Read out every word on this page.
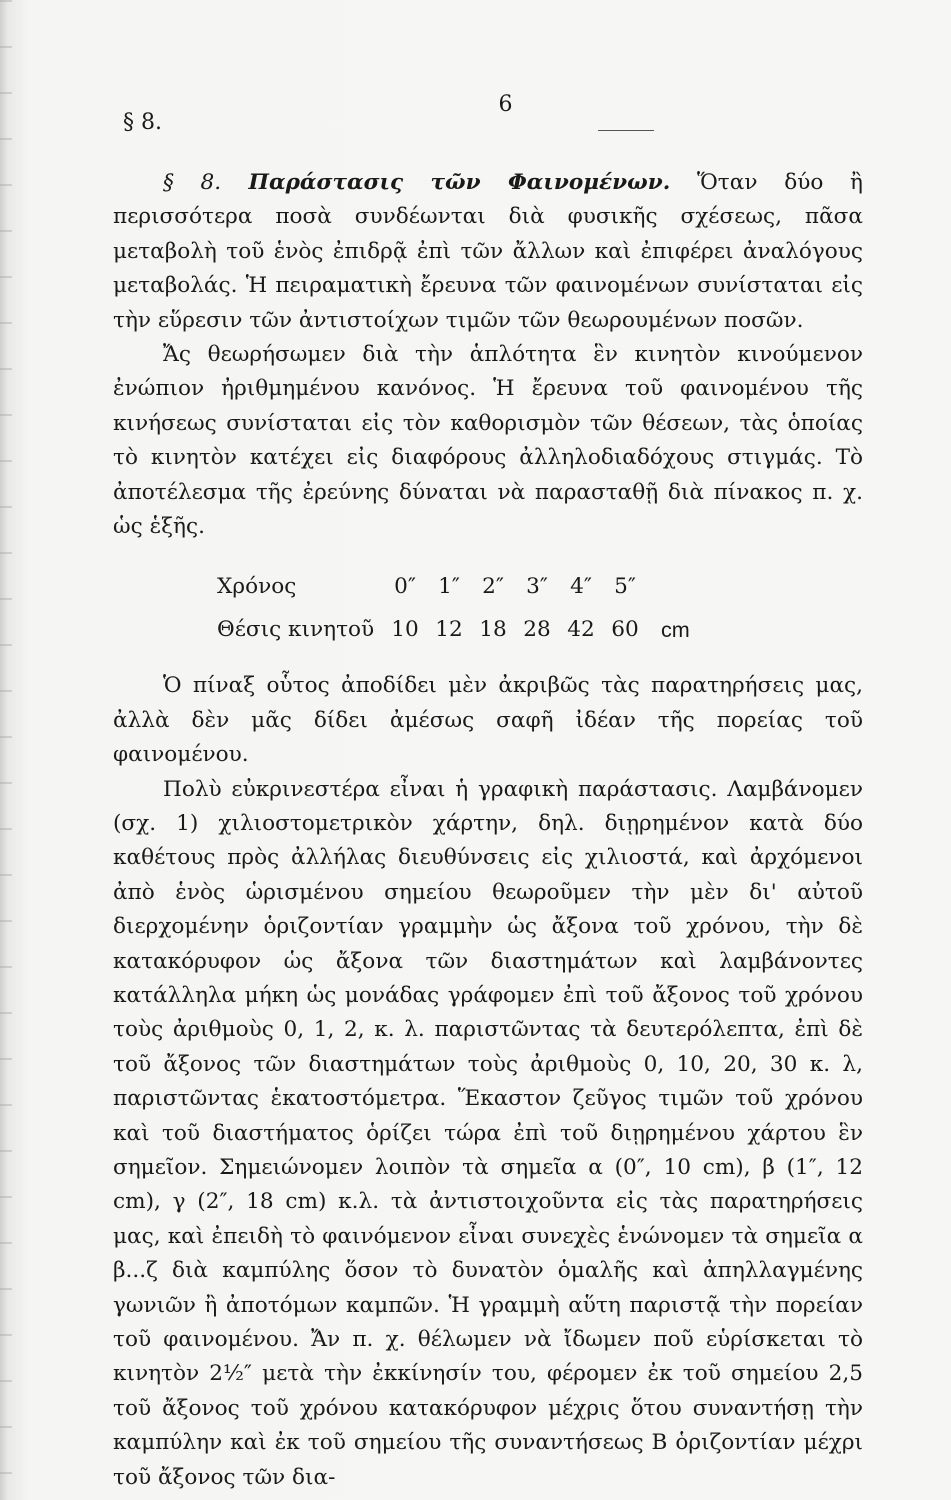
§ 8.
6

§ 8. Παράστασις τῶν Φαινομένων. Ὅταν δύο ἢ περισσότερα ποσὰ συνδέωνται διὰ φυσικῆς σχέσεως, πᾶσα μεταβολὴ τοῦ ἑνὸς ἐπιδρᾷ ἐπὶ τῶν ἄλλων καὶ ἐπιφέρει ἀναλόγους μεταβολάς. Ἡ πειραματικὴ ἔρευνα τῶν φαινομένων συνίσταται εἰς τὴν εὕρεσιν τῶν ἀντιστοίχων τιμῶν τῶν θεωρουμένων ποσῶν.

Ἄς θεωρήσωμεν διὰ τὴν ἁπλότητα ἓν κινητὸν κινούμενον ἐνώπιον ἠριθμημένου κανόνος. Ἡ ἔρευνα τοῦ φαινομένου τῆς κινήσεως συνίσταται εἰς τὸν καθορισμὸν τῶν θέσεων, τὰς ὁποίας τὸ κινητὸν κατέχει εἰς διαφόρους ἀλληλοδιαδόχους στιγμάς. Τὸ ἀποτέλεσμα τῆς ἐρεύνης δύναται νὰ παρασταθῇ διὰ πίνακος π. χ. ὡς ἑξῆς.

Χρόνος	0″	1″	2″	3″	4″	5″	
Θέσις κινητοῦ	10	12	18	28	42	60	cm

Ὁ πίναξ οὗτος ἀποδίδει μὲν ἀκριβῶς τὰς παρατηρήσεις μας, ἀλλὰ δὲν μᾶς δίδει ἀμέσως σαφῆ ἰδέαν τῆς πορείας τοῦ φαινομένου.

Πολὺ εὐκρινεστέρα εἶναι ἡ γραφικὴ παράστασις. Λαμβάνομεν (σχ. 1) χιλιοστομετρικὸν χάρτην, δηλ. διῃρημένον κατὰ δύο καθέτους πρὸς ἀλλήλας διευθύνσεις εἰς χιλιοστά, καὶ ἀρχόμενοι ἀπὸ ἑνὸς ὡρισμένου σημείου θεωροῦμεν τὴν μὲν δι' αὐτοῦ διερχομένην ὁριζοντίαν γραμμὴν ὡς ἄξονα τοῦ χρόνου, τὴν δὲ κατακόρυφον ὡς ἄξονα τῶν διαστημάτων καὶ λαμβάνοντες κατάλληλα μήκη ὡς μονάδας γράφομεν ἐπὶ τοῦ ἄξονος τοῦ χρόνου τοὺς ἀριθμοὺς 0, 1, 2, κ. λ. παριστῶντας τὰ δευτερόλεπτα, ἐπὶ δὲ τοῦ ἄξονος τῶν διαστημάτων τοὺς ἀριθμοὺς 0, 10, 20, 30 κ. λ, παριστῶντας ἑκατοστόμετρα. Ἕκαστον ζεῦγος τιμῶν τοῦ χρόνου καὶ τοῦ διαστήματος ὁρίζει τώρα ἐπὶ τοῦ διῃρημένου χάρτου ἓν σημεῖον. Σημειώνομεν λοιπὸν τὰ σημεῖα α (0″, 10 cm), β (1″, 12 cm), γ (2″, 18 cm) κ.λ. τὰ ἀντιστοιχοῦντα εἰς τὰς παρατηρήσεις μας, καὶ ἐπειδὴ τὸ φαινόμενον εἶναι συνεχὲς ἑνώνομεν τὰ σημεῖα α β...ζ διὰ καμπύλης ὅσον τὸ δυνατὸν ὁμαλῆς καὶ ἀπηλλαγμένης γωνιῶν ἢ ἀποτόμων καμπῶν. Ἡ γραμμὴ αὕτη παριστᾷ τὴν πορείαν τοῦ φαινομένου. Ἄν π. χ. θέλωμεν νὰ ἴδωμεν ποῦ εὑρίσκεται τὸ κινητὸν 2½″ μετὰ τὴν ἐκκίνησίν του, φέρομεν ἐκ τοῦ σημείου 2,5 τοῦ ἄξονος τοῦ χρόνου κατακόρυφον μέχρις ὅτου συναντήσῃ τὴν καμπύλην καὶ ἐκ τοῦ σημείου τῆς συναντήσεως Β ὁριζοντίαν μέχρι τοῦ ἄξονος τῶν δια-
